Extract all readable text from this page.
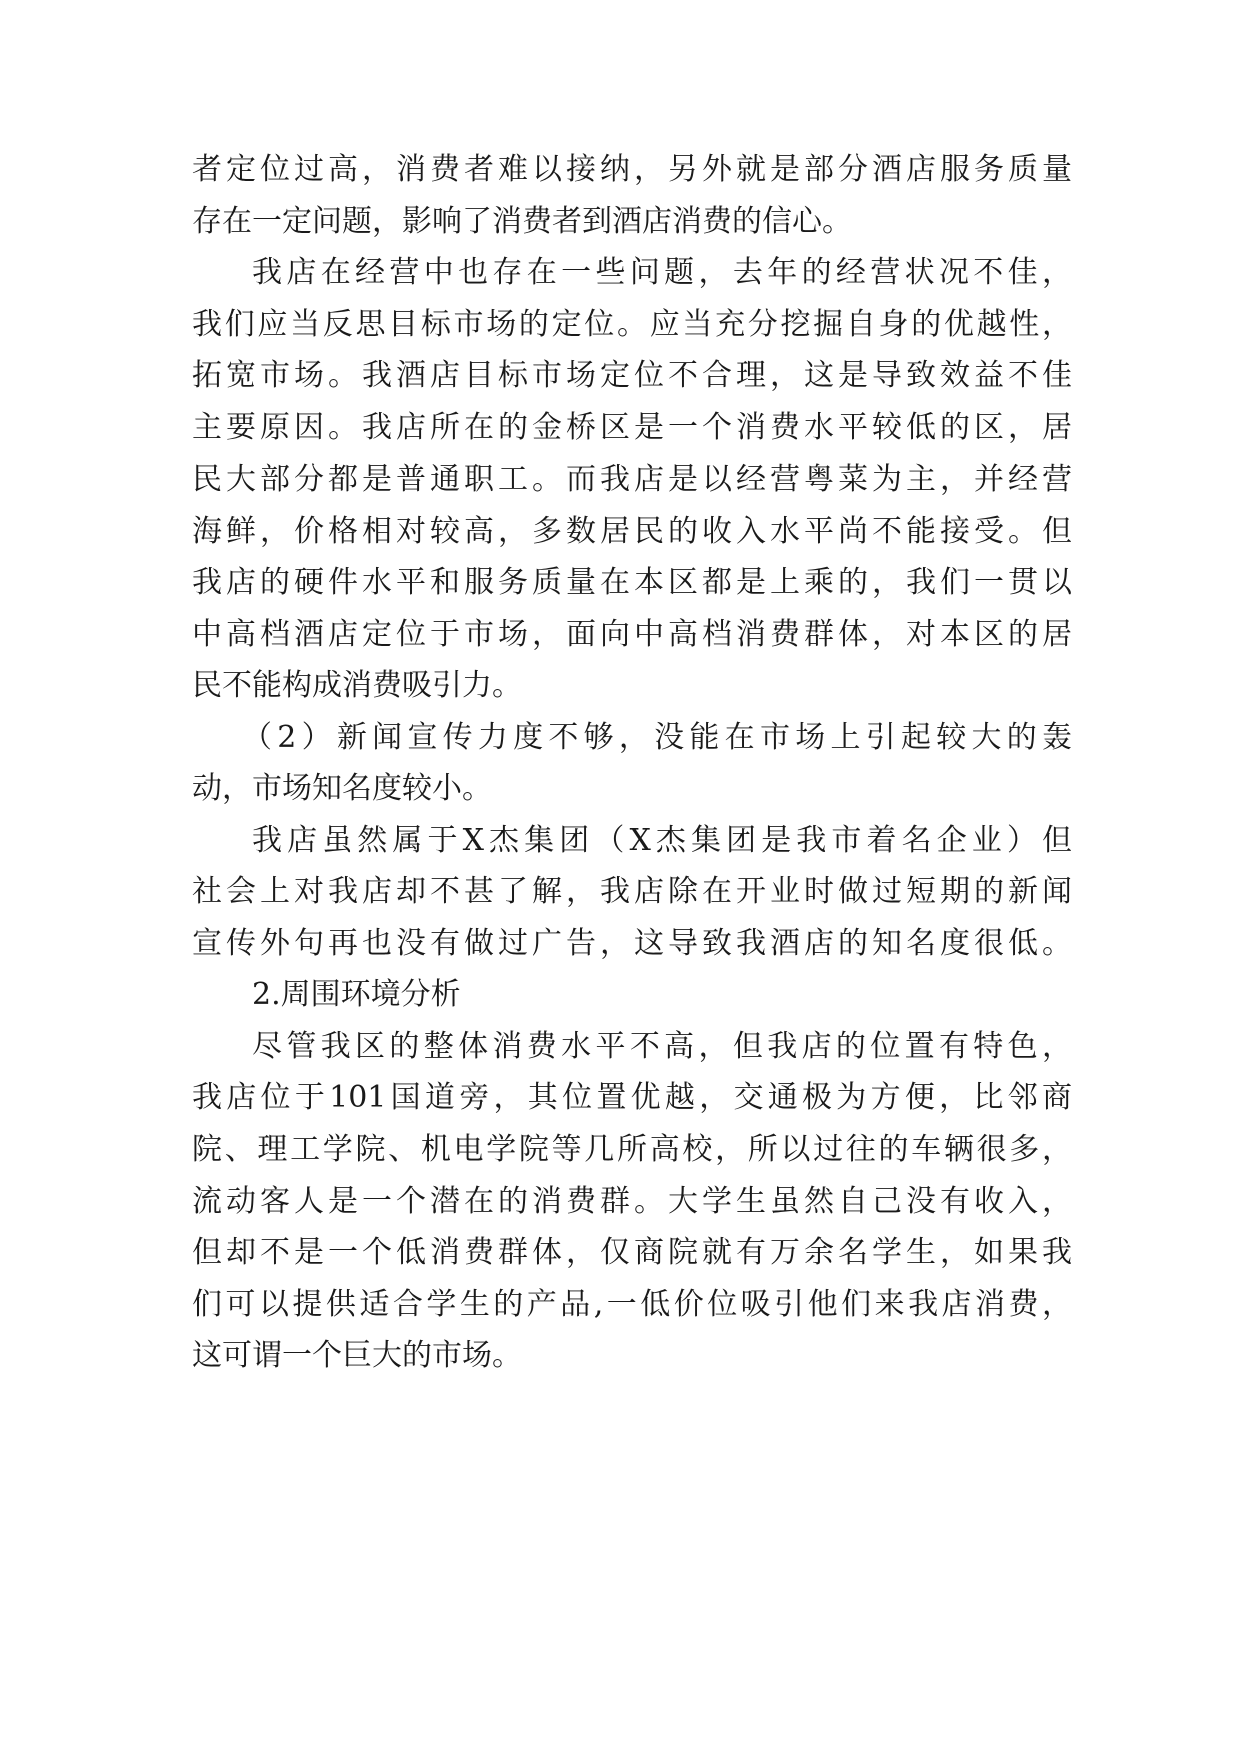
者定位过高，消费者难以接纳，另外就是部分酒店服务质量
存在一定问题，影响了消费者到酒店消费的信心。
我店在经营中也存在一些问题，去年的经营状况不佳，
我们应当反思目标市场的定位。应当充分挖掘自身的优越性，
拓宽市场。我酒店目标市场定位不合理，这是导致效益不佳
主要原因。我店所在的金桥区是一个消费水平较低的区，居
民大部分都是普通职工。而我店是以经营粤菜为主，并经营
海鲜，价格相对较高，多数居民的收入水平尚不能接受。但
我店的硬件水平和服务质量在本区都是上乘的，我们一贯以
中高档酒店定位于市场，面向中高档消费群体，对本区的居
民不能构成消费吸引力。
（2）新闻宣传力度不够，没能在市场上引起较大的轰
动，市场知名度较小。
我店虽然属于X杰集团（X杰集团是我市着名企业）但
社会上对我店却不甚了解，我店除在开业时做过短期的新闻
宣传外句再也没有做过广告，这导致我酒店的知名度很低。
2.周围环境分析
尽管我区的整体消费水平不高，但我店的位置有特色，
我店位于101国道旁，其位置优越，交通极为方便，比邻商
院、理工学院、机电学院等几所高校，所以过往的车辆很多，
流动客人是一个潜在的消费群。大学生虽然自己没有收入，
但却不是一个低消费群体，仅商院就有万余名学生，如果我
们可以提供适合学生的产品,一低价位吸引他们来我店消费，
这可谓一个巨大的市场。
